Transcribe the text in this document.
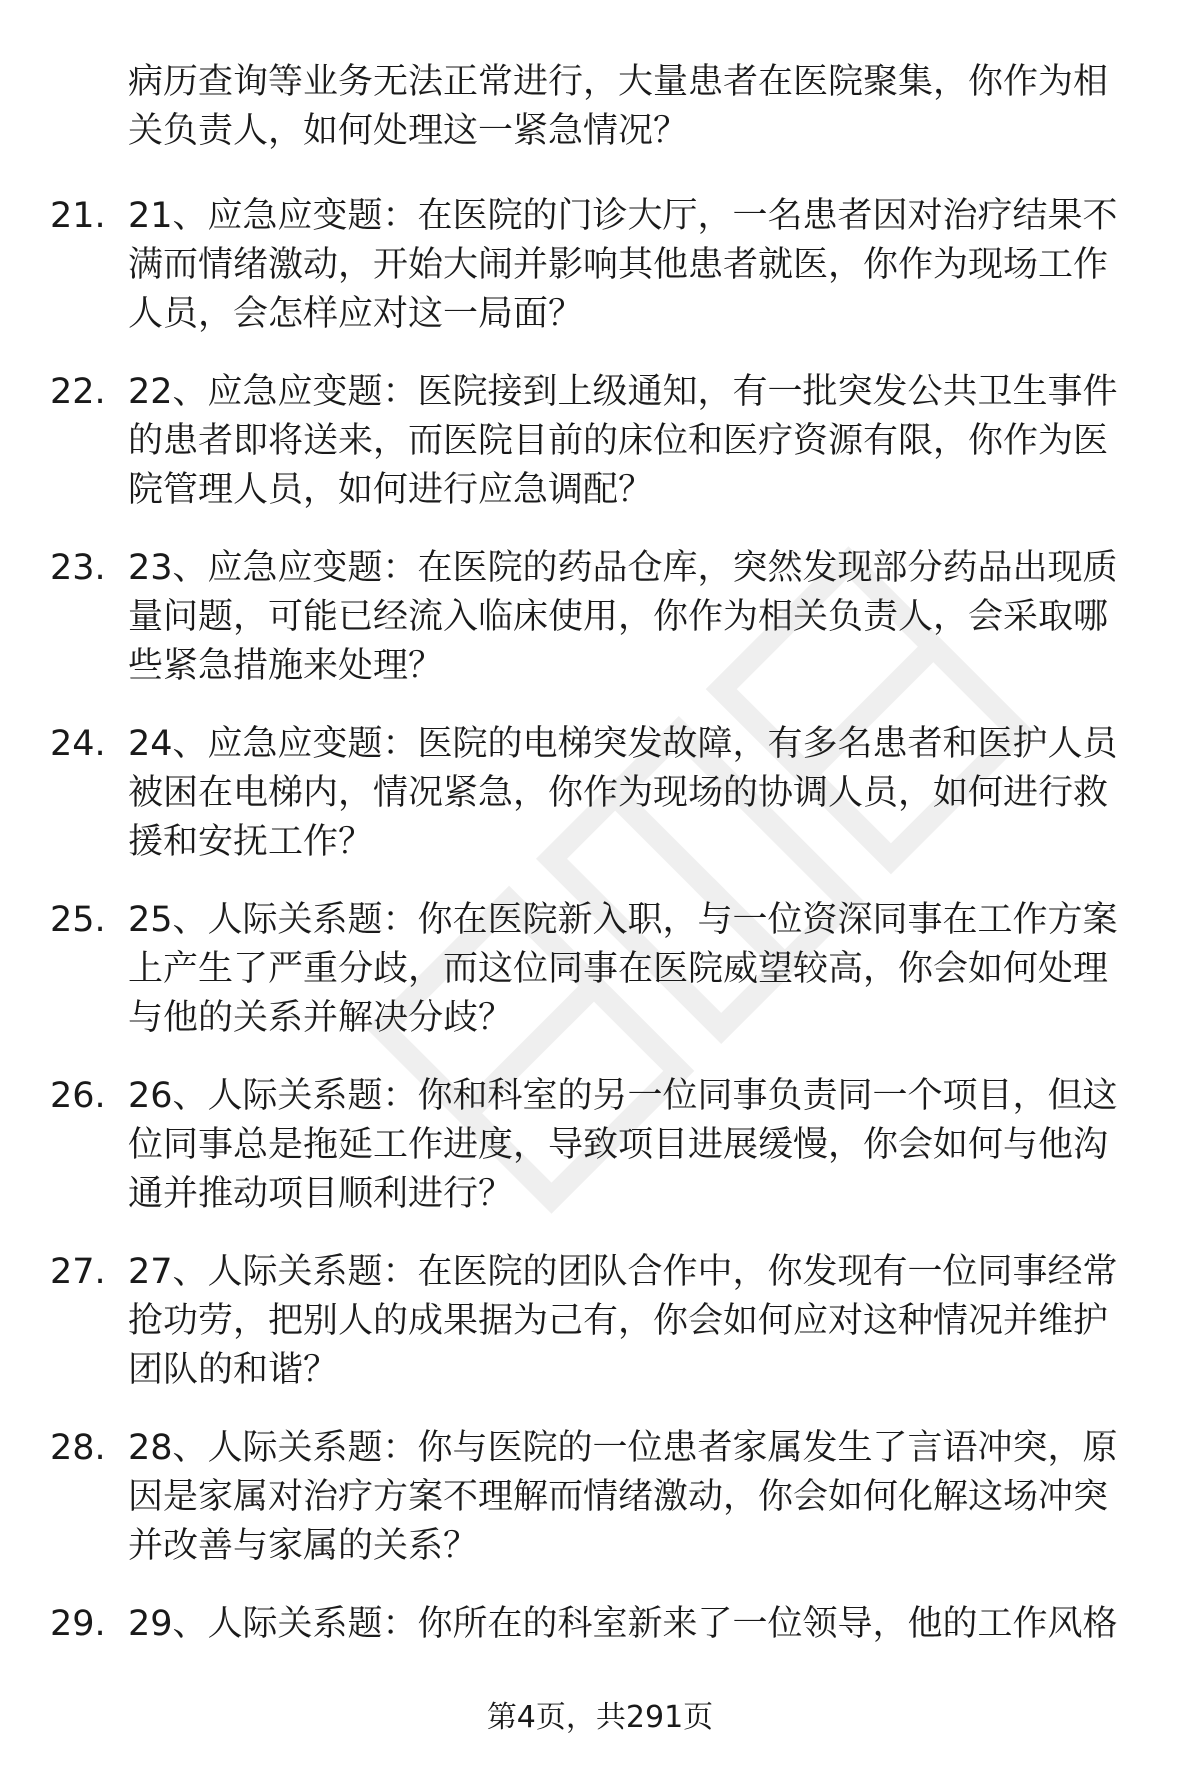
病历查询等业务无法正常进行，大量患者在医院聚集，你作为相关负责人，如何处理这一紧急情况？

21. 21、应急应变题：在医院的门诊大厅，一名患者因对治疗结果不满而情绪激动，开始大闹并影响其他患者就医，你作为现场工作人员，会怎样应对这一局面？

22. 22、应急应变题：医院接到上级通知，有一批突发公共卫生事件的患者即将送来，而医院目前的床位和医疗资源有限，你作为医院管理人员，如何进行应急调配？

23. 23、应急应变题：在医院的药品仓库，突然发现部分药品出现质量问题，可能已经流入临床使用，你作为相关负责人，会采取哪些紧急措施来处理？

24. 24、应急应变题：医院的电梯突发故障，有多名患者和医护人员被困在电梯内，情况紧急，你作为现场的协调人员，如何进行救援和安抚工作？

25. 25、人际关系题：你在医院新入职，与一位资深同事在工作方案上产生了严重分歧，而这位同事在医院威望较高，你会如何处理与他的关系并解决分歧？

26. 26、人际关系题：你和科室的另一位同事负责同一个项目，但这位同事总是拖延工作进度，导致项目进展缓慢，你会如何与他沟通并推动项目顺利进行？

27. 27、人际关系题：在医院的团队合作中，你发现有一位同事经常抢功劳，把别人的成果据为己有，你会如何应对这种情况并维护团队的和谐？

28. 28、人际关系题：你与医院的一位患者家属发生了言语冲突，原因是家属对治疗方案不理解而情绪激动，你会如何化解这场冲突并改善与家属的关系？

29. 29、人际关系题：你所在的科室新来了一位领导，他的工作风格

第4页，共291页
